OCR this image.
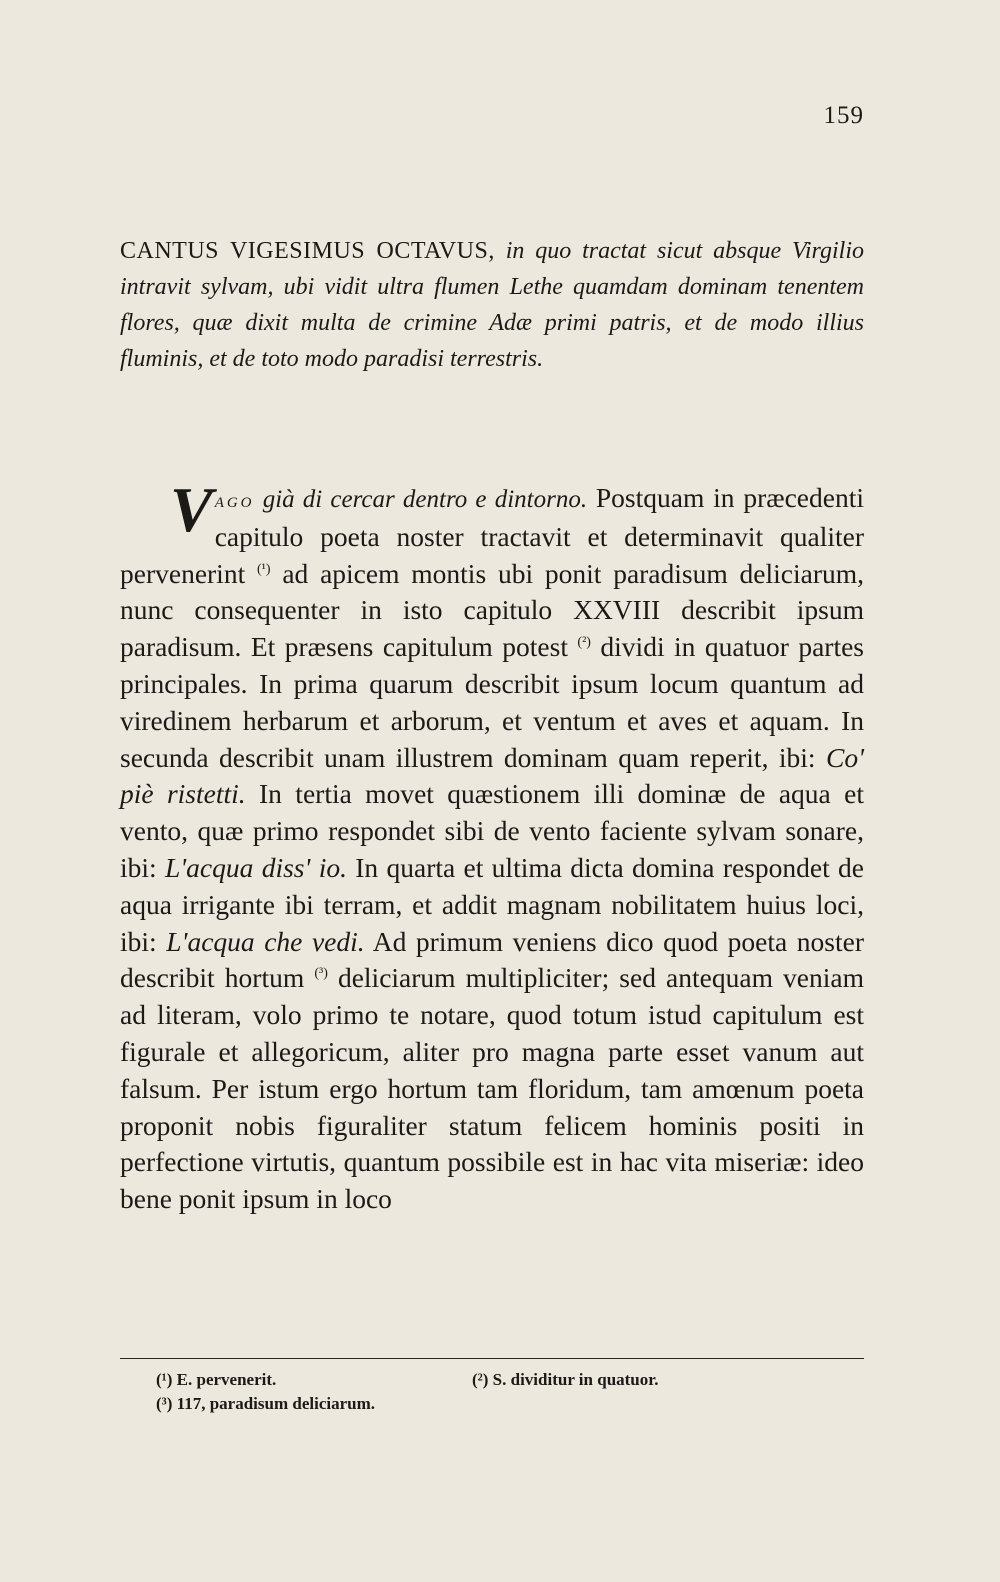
159
CANTUS VIGESIMUS OCTAVUS, in quo tractat sicut absque Virgilio intravit sylvam, ubi vidit ultra flumen Lethe quamdam dominam tenentem flores, quæ dixit multa de crimine Adæ primi patris, et de modo illius fluminis, et de toto modo paradisi terrestris.
Vago già di cercar dentro e dintorno. Postquam in præcedenti capitulo poeta noster tractavit et determinavit qualiter pervenerint $^{(^1)}$ ad apicem montis ubi ponit paradisum deliciarum, nunc consequenter in isto capitulo XXVIII describit ipsum paradisum. Et præsens capitulum potest $^{(^2)}$ dividi in quatuor partes principales. In prima quarum describit ipsum locum quantum ad viredinem herbarum et arborum, et ventum et aves et aquam. In secunda describit unam illustrem dominam quam reperit, ibi: Co' piè ristetti. In tertia movet quæstionem illi dominæ de aqua et vento, quæ primo respondet sibi de vento faciente sylvam sonare, ibi: L'acqua diss' io. In quarta et ultima dicta domina respondet de aqua irrigante ibi terram, et addit magnam nobilitatem huius loci, ibi: L'acqua che vedi. Ad primum veniens dico quod poeta noster describit hortum $^{(^3)}$ deliciarum multipliciter; sed antequam veniam ad literam, volo primo te notare, quod totum istud capitulum est figurale et allegoricum, aliter pro magna parte esset vanum aut falsum. Per istum ergo hortum tam floridum, tam amœnum poeta proponit nobis figuraliter statum felicem hominis positi in perfectione virtutis, quantum possibile est in hac vita miseriæ: ideo bene ponit ipsum in loco
(¹) E. pervenerit.	(²) S. dividitur in quatuor.
(³) 117, paradisum deliciarum.
